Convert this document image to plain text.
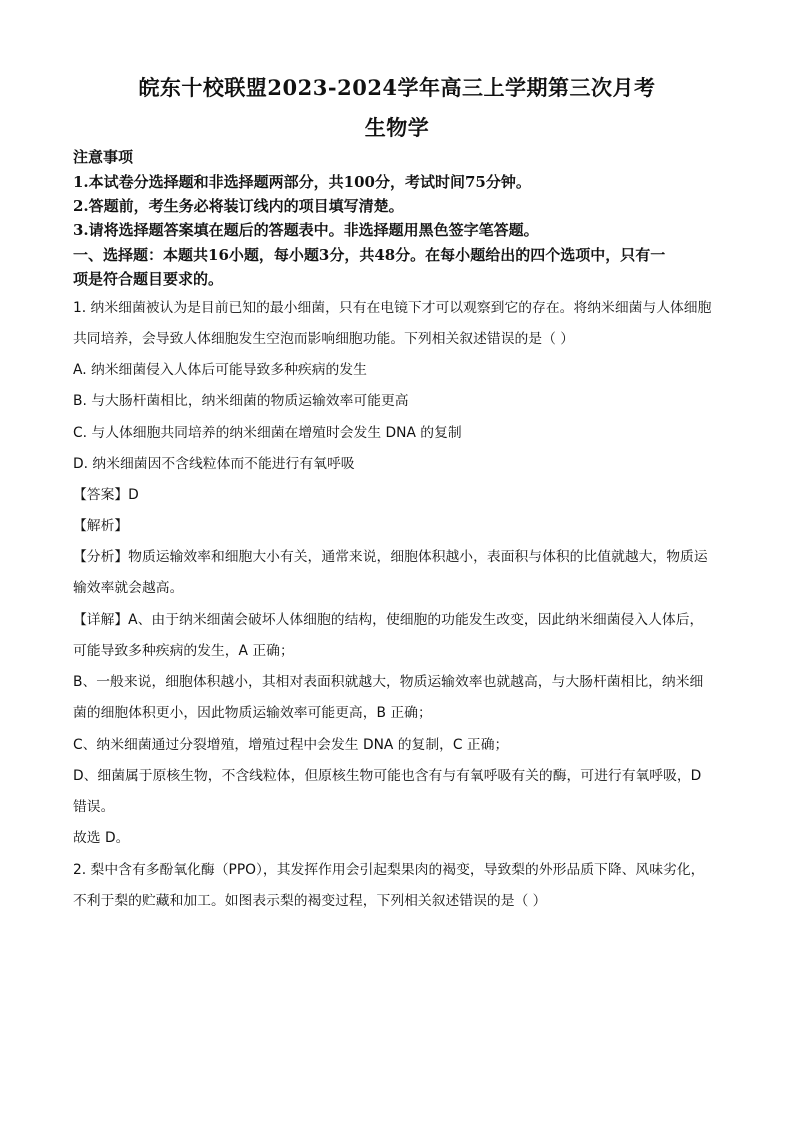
皖东十校联盟2023-2024学年高三上学期第三次月考
生物学
注意事项
1.本试卷分选择题和非选择题两部分，共100分，考试时间75分钟。
2.答题前，考生务必将装订线内的项目填写清楚。
3.请将选择题答案填在题后的答题表中。非选择题用黑色签字笔答题。
一、选择题：本题共16小题，每小题3分，共48分。在每小题给出的四个选项中，只有一
项是符合题目要求的。
1. 纳米细菌被认为是目前已知的最小细菌，只有在电镜下才可以观察到它的存在。将纳米细菌与人体细胞
共同培养，会导致人体细胞发生空泡而影响细胞功能。下列相关叙述错误的是（ ）
A. 纳米细菌侵入人体后可能导致多种疾病的发生
B. 与大肠杆菌相比，纳米细菌的物质运输效率可能更高
C. 与人体细胞共同培养的纳米细菌在增殖时会发生 DNA 的复制
D. 纳米细菌因不含线粒体而不能进行有氧呼吸
【答案】D
【解析】
【分析】物质运输效率和细胞大小有关，通常来说，细胞体积越小，表面积与体积的比值就越大，物质运
输效率就会越高。
【详解】A、由于纳米细菌会破坏人体细胞的结构，使细胞的功能发生改变，因此纳米细菌侵入人体后，
可能导致多种疾病的发生，A 正确；
B、一般来说，细胞体积越小，其相对表面积就越大，物质运输效率也就越高，与大肠杆菌相比，纳米细
菌的细胞体积更小，因此物质运输效率可能更高，B 正确；
C、纳米细菌通过分裂增殖，增殖过程中会发生 DNA 的复制，C 正确；
D、细菌属于原核生物，不含线粒体，但原核生物可能也含有与有氧呼吸有关的酶，可进行有氧呼吸，D
错误。
故选 D。
2. 梨中含有多酚氧化酶（PPO），其发挥作用会引起梨果肉的褐变，导致梨的外形品质下降、风味劣化，
不利于梨的贮藏和加工。如图表示梨的褐变过程，下列相关叙述错误的是（ ）
